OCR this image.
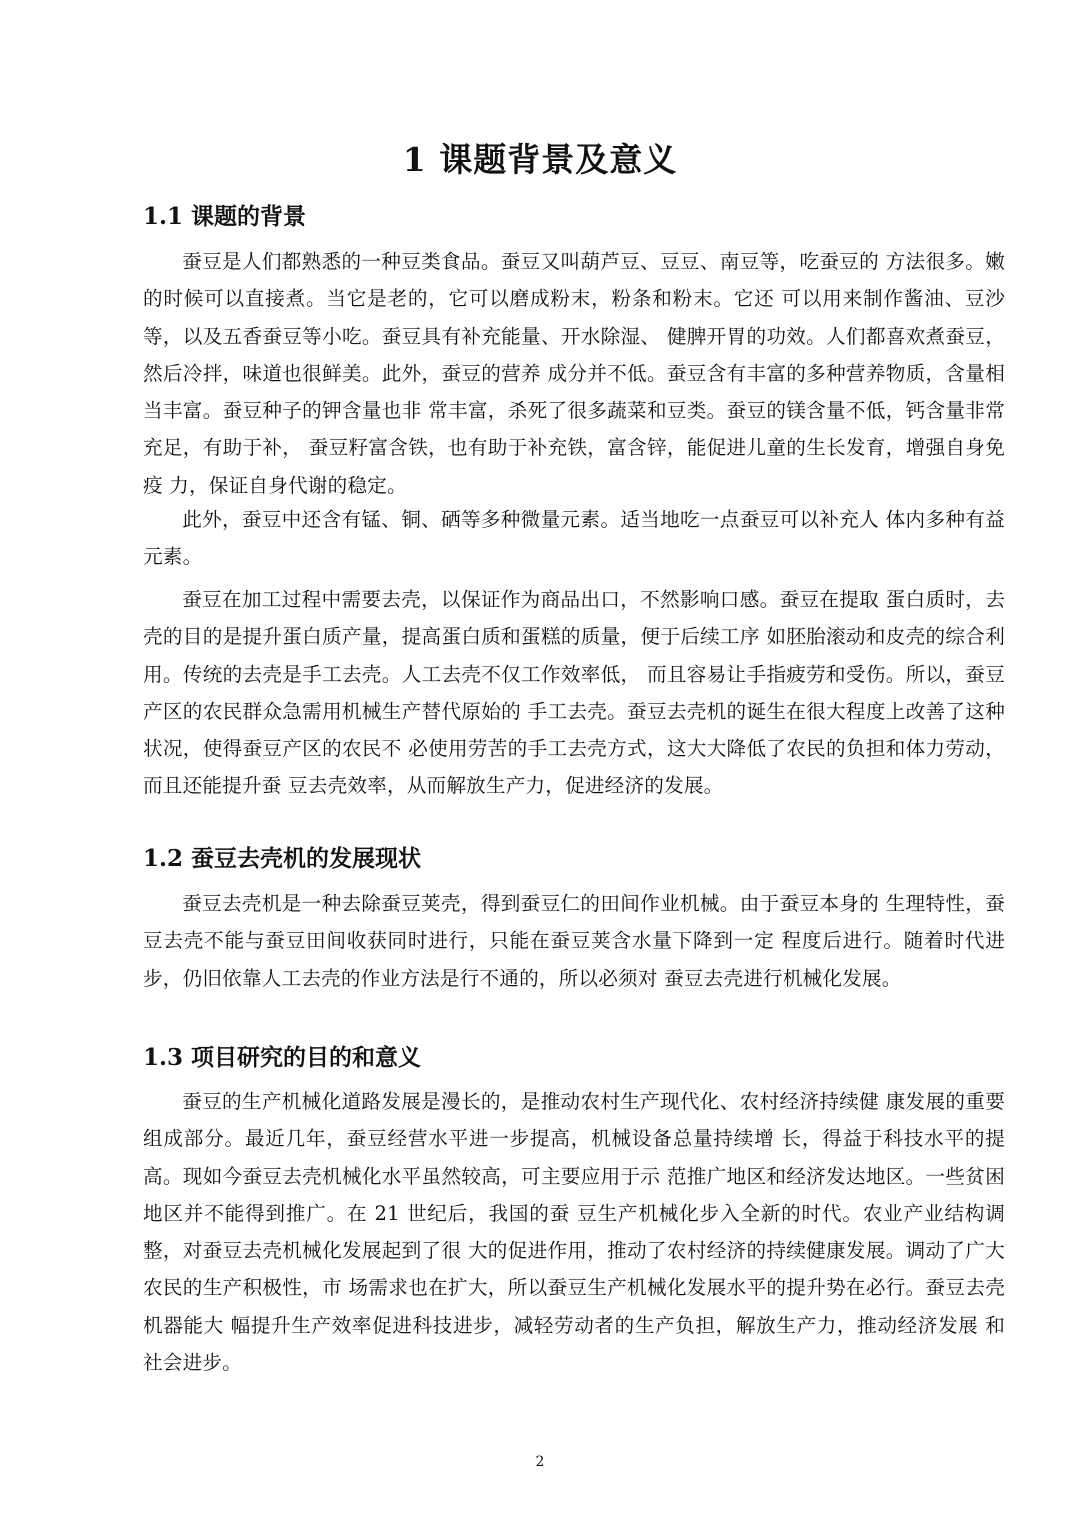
1 课题背景及意义
1.1 课题的背景

蚕豆是人们都熟悉的一种豆类食品。蚕豆又叫葫芦豆、豆豆、南豆等，吃蚕豆的 方法很多。嫩的时候可以直接煮。当它是老的，它可以磨成粉末，粉条和粉末。它还 可以用来制作酱油、豆沙等，以及五香蚕豆等小吃。蚕豆具有补充能量、开水除湿、 健脾开胃的功效。人们都喜欢煮蚕豆，然后冷拌，味道也很鲜美。此外，蚕豆的营养 成分并不低。蚕豆含有丰富的多种营养物质，含量相当丰富。蚕豆种子的钾含量也非 常丰富，杀死了很多蔬菜和豆类。蚕豆的镁含量不低，钙含量非常充足，有助于补， 蚕豆籽富含铁，也有助于补充铁，富含锌，能促进儿童的生长发育，增强自身免疫 力，保证自身代谢的稳定。

此外，蚕豆中还含有锰、铜、硒等多种微量元素。适当地吃一点蚕豆可以补充人 体内多种有益元素。

蚕豆在加工过程中需要去壳，以保证作为商品出口，不然影响口感。蚕豆在提取 蛋白质时，去壳的目的是提升蛋白质产量，提高蛋白质和蛋糕的质量，便于后续工序 如胚胎滚动和皮壳的综合利用。传统的去壳是手工去壳。人工去壳不仅工作效率低， 而且容易让手指疲劳和受伤。所以，蚕豆产区的农民群众急需用机械生产替代原始的 手工去壳。蚕豆去壳机的诞生在很大程度上改善了这种状况，使得蚕豆产区的农民不 必使用劳苦的手工去壳方式，这大大降低了农民的负担和体力劳动，而且还能提升蚕 豆去壳效率，从而解放生产力，促进经济的发展。

1.2 蚕豆去壳机的发展现状

蚕豆去壳机是一种去除蚕豆荚壳，得到蚕豆仁的田间作业机械。由于蚕豆本身的 生理特性，蚕豆去壳不能与蚕豆田间收获同时进行，只能在蚕豆荚含水量下降到一定 程度后进行。随着时代进步，仍旧依靠人工去壳的作业方法是行不通的，所以必须对 蚕豆去壳进行机械化发展。

1.3 项目研究的目的和意义

蚕豆的生产机械化道路发展是漫长的，是推动农村生产现代化、农村经济持续健 康发展的重要组成部分。最近几年，蚕豆经营水平进一步提高，机械设备总量持续增 长，得益于科技水平的提高。现如今蚕豆去壳机械化水平虽然较高，可主要应用于示 范推广地区和经济发达地区。一些贫困地区并不能得到推广。在 21 世纪后，我国的蚕 豆生产机械化步入全新的时代。农业产业结构调整，对蚕豆去壳机械化发展起到了很 大的促进作用，推动了农村经济的持续健康发展。调动了广大农民的生产积极性，市 场需求也在扩大，所以蚕豆生产机械化发展水平的提升势在必行。蚕豆去壳机器能大 幅提升生产效率促进科技进步，减轻劳动者的生产负担，解放生产力，推动经济发展 和社会进步。

2
